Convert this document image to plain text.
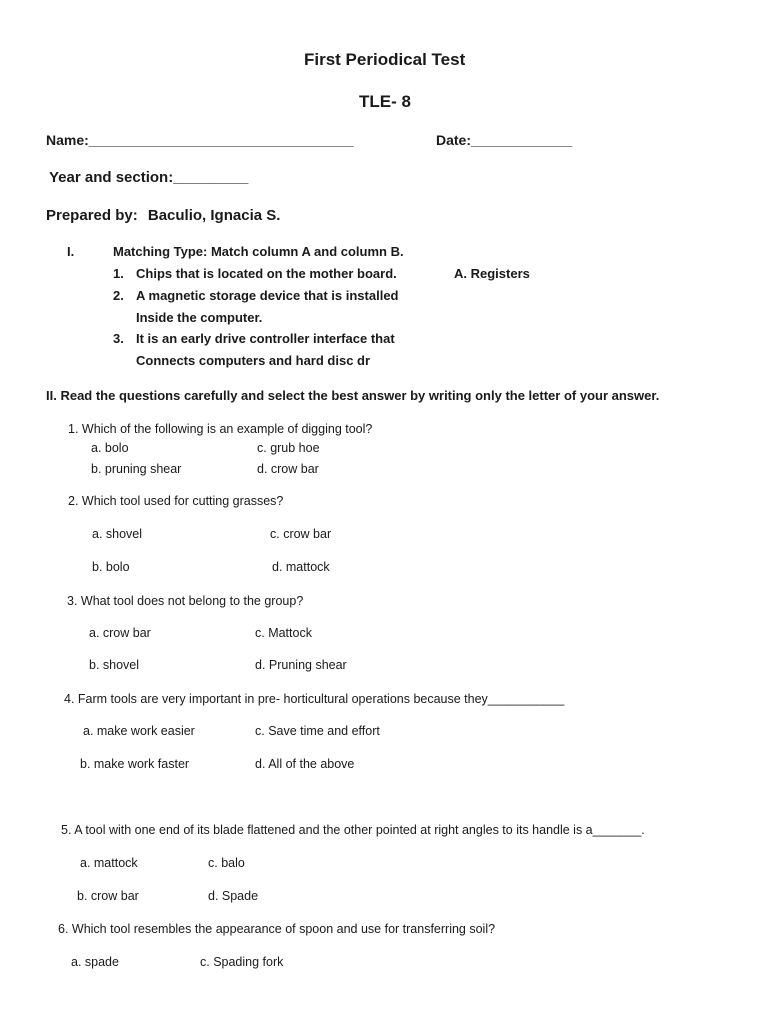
First Periodical Test
TLE- 8
Name:__________________________________	Date:_____________
Year and section:_________
Prepared by: Baculio, Ignacia S.
I.	Matching Type: Match column A and column B.
1. Chips that is located on the mother board.	A. Registers
2. A magnetic storage device that is installed
Inside the computer.
3. It is an early drive controller interface that
Connects computers and hard disc dr
II. Read the questions carefully and select the best answer by writing only the letter of your answer.
1. Which of the following is an example of digging tool?
a. bolo	c. grub hoe
b. pruning shear	d. crow bar
2. Which tool used for cutting grasses?
a. shovel	c. crow bar
b. bolo	d. mattock
3. What tool does not belong to the group?
a. crow bar	c. Mattock
b. shovel	d. Pruning shear
4. Farm tools are very important in pre- horticultural operations because they___________
a. make work easier	c. Save time and effort
b. make work faster	d. All of the above
5. A tool with one end of its blade flattened and the other pointed at right angles to its handle is a_______.
a. mattock	c. balo
b. crow bar	d. Spade
6. Which tool resembles the appearance of spoon and use for transferring soil?
a. spade	c. Spading fork
